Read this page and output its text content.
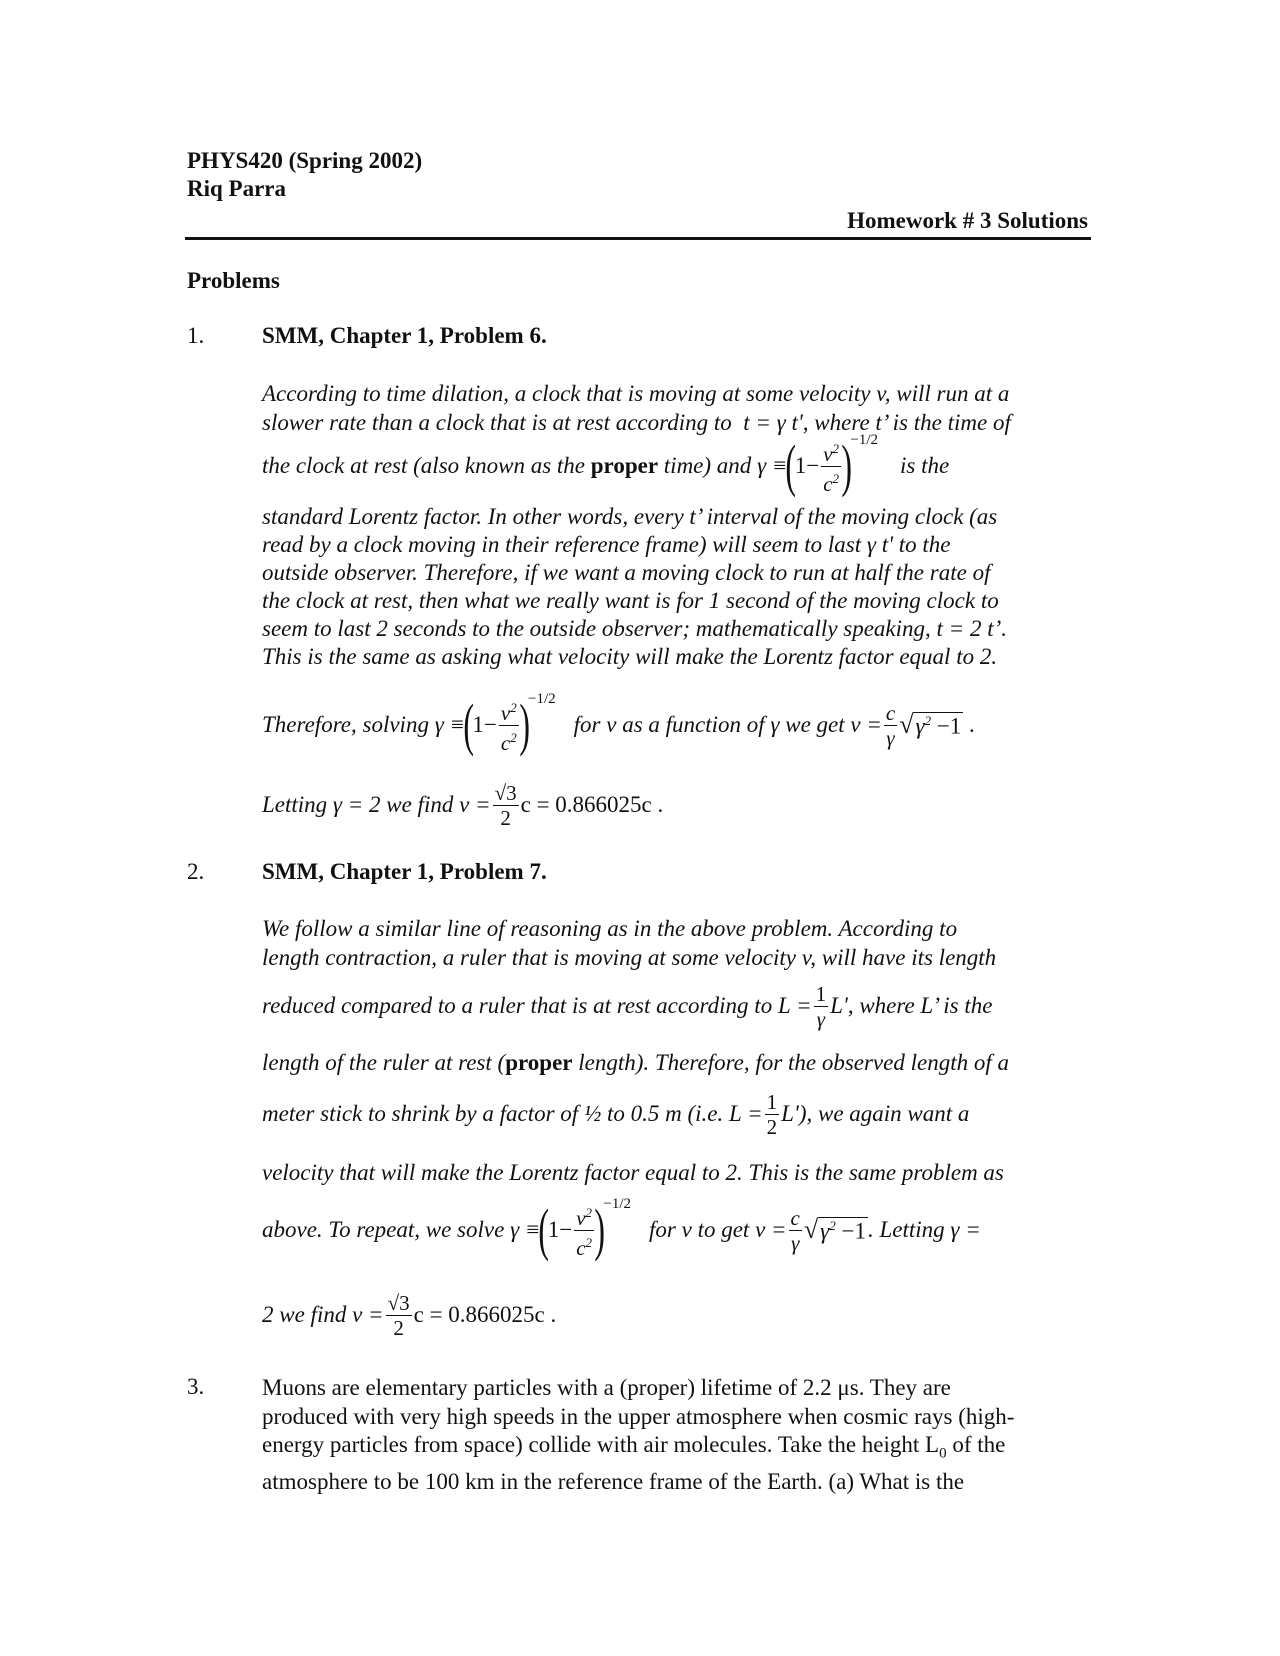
PHYS420 (Spring 2002)
Riq Parra
Homework # 3 Solutions
Problems
1.	SMM, Chapter 1, Problem 6.

According to time dilation, a clock that is moving at some velocity v, will run at a

slower rate than a clock that is at rest according to  t = γ t', where t’ is the time of

the clock at rest (also known as the
proper
time) and γ ≡
(
$1- \frac{v^2}{c^2}$ )
−1/2
is the

standard Lorentz factor. In other words, every t’ interval of the moving clock (as

read by a clock moving in their reference frame) will seem to last γ t' to the

outside observer. Therefore, if we want a moving clock to run at half the rate of

the clock at rest, then what we really want is for 1 second of the moving clock to

seem to last 2 seconds to the outside observer; mathematically speaking, t = 2 t’.

This is the same as asking what velocity will make the Lorentz factor equal to 2.

Therefore, solving γ ≡
(
$1- \frac{v^2}{c^2}$ )
−1/2
for v as a function of γ we get $v = \frac{c}{\gamma}$ √ $\gamma^2 -1$ .
Letting γ = 2 we find $v = \frac{√3}{2}$ c = 0.866025c .
2.	SMM, Chapter 1, Problem 7.

We follow a similar line of reasoning as in the above problem. According to

length contraction, a ruler that is moving at some velocity v, will have its length

reduced compared to a ruler that is at rest according to $L = \frac{1}{\gamma} L'$ , where L’ is the
length of the ruler at rest ( proper
length). Therefore, for the observed length of a
meter stick to shrink by a factor of ½ to 0.5 m (i.e. $L = \frac{1}{2} L'$ ), we again want a
velocity that will make the Lorentz factor equal to 2. This is the same problem as
above. To repeat, we solve γ ≡
(
$1- \frac{v^2}{c^2}$ )
−1/2
for v to get $v = \frac{c}{\gamma}$ √ $\gamma^2 -1$ . Letting γ =
2 we find $v = \frac{√3}{2}$ c = 0.866025c .
3.	Muons are elementary particles with a (proper) lifetime of 2.2 μs. They are

produced with very high speeds in the upper atmosphere when cosmic rays (high-

energy particles from space) collide with air molecules. Take the height $L_0$ of the

atmosphere to be 100 km in the reference frame of the Earth. (a) What is the
